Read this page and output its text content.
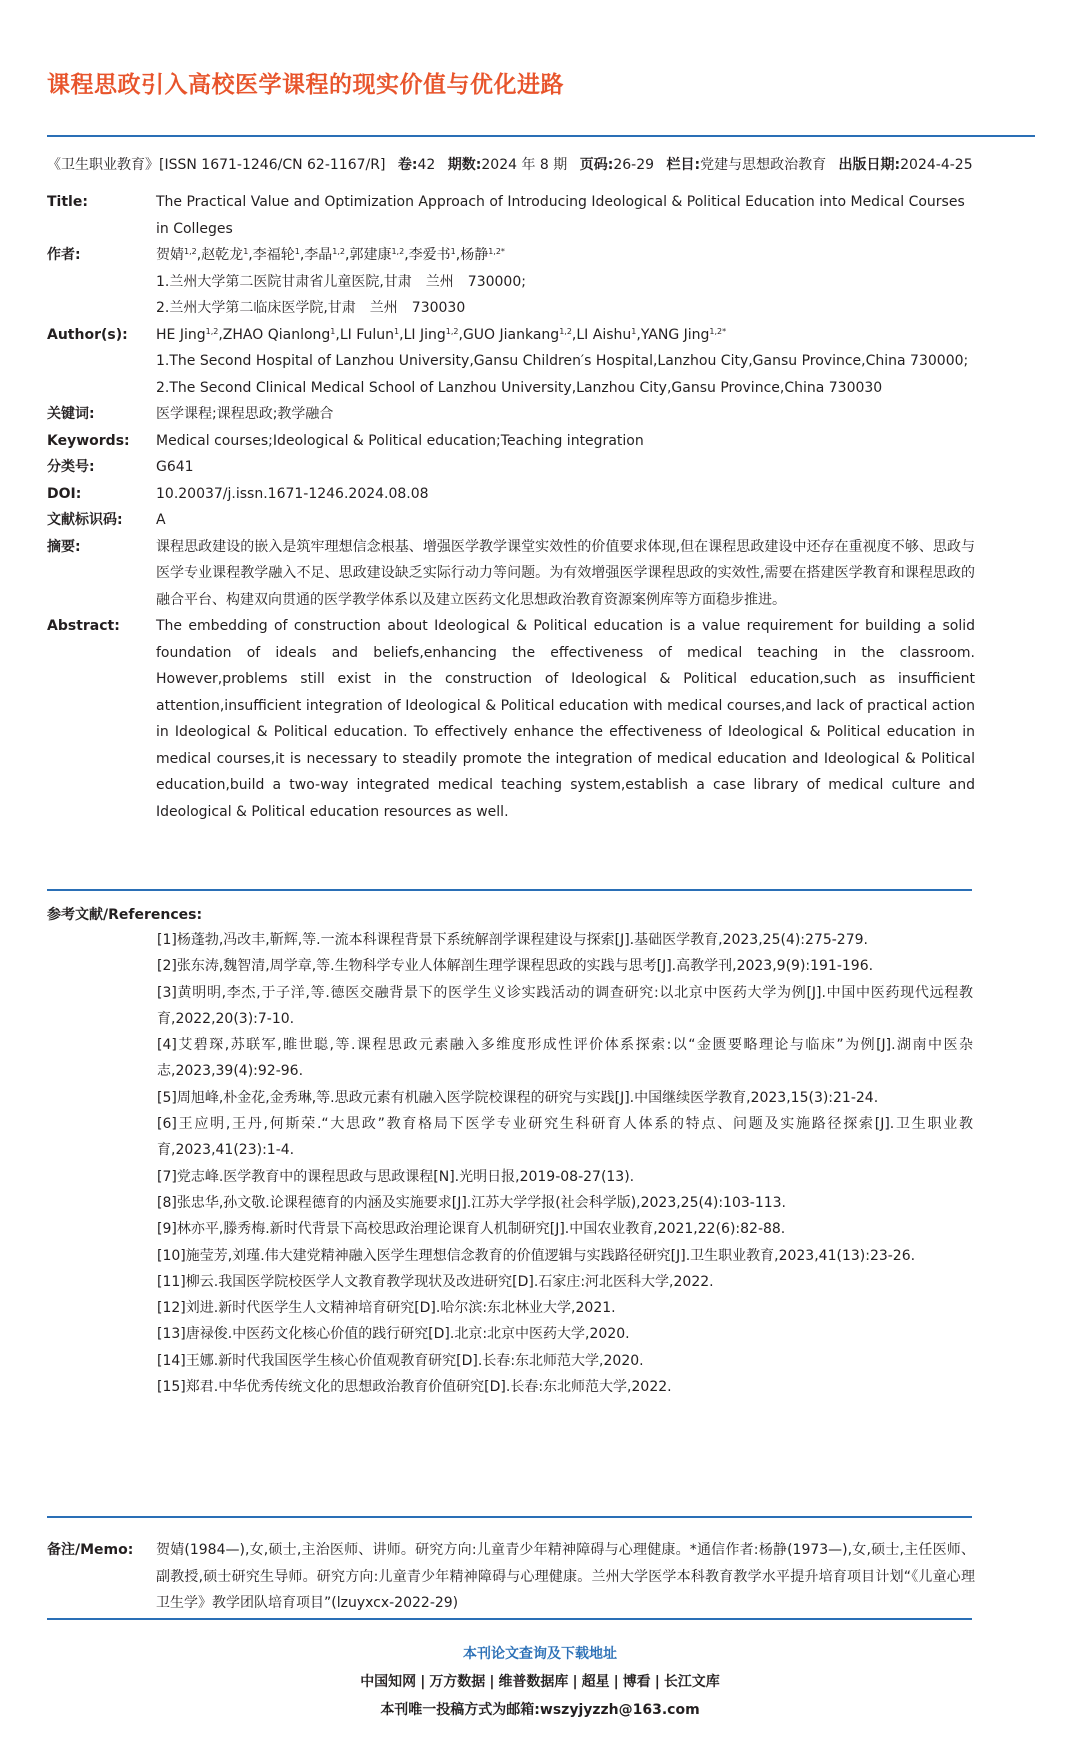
课程思政引入高校医学课程的现实价值与优化进路
《卫生职业教育》[ISSN 1671-1246/CN 62-1167/R] 卷:42 期数:2024 年 8 期 页码:26-29 栏目:党建与思想政治教育 出版日期:2024-4-25
Title:	The Practical Value and Optimization Approach of Introducing Ideological & Political Education into Medical Courses in Colleges
作者:	贺婧$^{1,2}$,赵乾龙$^1$,李福轮$^1$,李晶$^{1,2}$,郭建康$^{1,2}$,李爱书$^1$,杨静$^{1,2*}$

1.兰州大学第二医院甘肃省儿童医院,甘肃　兰州　730000;

2.兰州大学第二临床医学院,甘肃　兰州　730030

Author(s):	HE Jing$^{1,2}$,ZHAO Qianlong$^1$,LI Fulun$^1$,LI Jing$^{1,2}$,GUO Jiankang$^{1,2}$,LI Aishu$^1$,YANG Jing$^{1,2*}$

1.The Second Hospital of Lanzhou University,Gansu Children′s Hospital,Lanzhou City,Gansu Province,China 730000;

2.The Second Clinical Medical School of Lanzhou University,Lanzhou City,Gansu Province,China 730030

关键词:	医学课程;课程思政;教学融合
Keywords:	Medical courses;Ideological & Political education;Teaching integration
分类号:	G641
DOI:	10.20037/j.issn.1671-1246.2024.08.08
文献标识码:	A
摘要:	课程思政建设的嵌入是筑牢理想信念根基、增强医学教学课堂实效性的价值要求体现,但在课程思政建设中还存在重视度不够、思政与医学专业课程教学融入不足、思政建设缺乏实际行动力等问题。为有效增强医学课程思政的实效性,需要在搭建医学教育和课程思政的融合平台、构建双向贯通的医学教学体系以及建立医药文化思想政治教育资源案例库等方面稳步推进。
Abstract:	The embedding of construction about Ideological & Political education is a value requirement for building a solid foundation of ideals and beliefs,enhancing the effectiveness of medical teaching in the classroom. However,problems still exist in the construction of Ideological & Political education,such as insufficient attention,insufficient integration of Ideological & Political education with medical courses,and lack of practical action in Ideological & Political education. To effectively enhance the effectiveness of Ideological & Political education in medical courses,it is necessary to steadily promote the integration of medical education and Ideological & Political education,build a two-way integrated medical teaching system,establish a case library of medical culture and Ideological & Political education resources as well.
参考文献/References:
[1]杨蓬勃,冯改丰,靳辉,等.一流本科课程背景下系统解剖学课程建设与探索[J].基础医学教育,2023,25(4):275-279.
[2]张东涛,魏智清,周学章,等.生物科学专业人体解剖生理学课程思政的实践与思考[J].高教学刊,2023,9(9):191-196.
[3]黄明明,李杰,于子洋,等.德医交融背景下的医学生义诊实践活动的调查研究:以北京中医药大学为例[J].中国中医药现代远程教育,2022,20(3):7-10.
[4]艾碧琛,苏联军,睢世聪,等.课程思政元素融入多维度形成性评价体系探索:以“金匮要略理论与临床”为例[J].湖南中医杂志,2023,39(4):92-96.
[5]周旭峰,朴金花,金秀琳,等.思政元素有机融入医学院校课程的研究与实践[J].中国继续医学教育,2023,15(3):21-24.
[6]王应明,王丹,何斯荣.“大思政”教育格局下医学专业研究生科研育人体系的特点、问题及实施路径探索[J].卫生职业教育,2023,41(23):1-4.
[7]党志峰.医学教育中的课程思政与思政课程[N].光明日报,2019-08-27(13).
[8]张忠华,孙文敬.论课程德育的内涵及实施要求[J].江苏大学学报(社会科学版),2023,25(4):103-113.
[9]林亦平,滕秀梅.新时代背景下高校思政治理论课育人机制研究[J].中国农业教育,2021,22(6):82-88.
[10]施莹芳,刘瑾.伟大建党精神融入医学生理想信念教育的价值逻辑与实践路径研究[J].卫生职业教育,2023,41(13):23-26.
[11]柳云.我国医学院校医学人文教育教学现状及改进研究[D].石家庄:河北医科大学,2022.
[12]刘进.新时代医学生人文精神培育研究[D].哈尔滨:东北林业大学,2021.
[13]唐禄俊.中医药文化核心价值的践行研究[D].北京:北京中医药大学,2020.
[14]王娜.新时代我国医学生核心价值观教育研究[D].长春:东北师范大学,2020.
[15]郑君.中华优秀传统文化的思想政治教育价值研究[D].长春:东北师范大学,2022.
备注/Memo:	贺婧(1984—),女,硕士,主治医师、讲师。研究方向:儿童青少年精神障碍与心理健康。*通信作者:杨静(1973—),女,硕士,主任医师、副教授,硕士研究生导师。研究方向:儿童青少年精神障碍与心理健康。兰州大学医学本科教育教学水平提升培育项目计划“《儿童心理卫生学》教学团队培育项目”(lzuyxcx-2022-29)
本刊论文查询及下载地址
中国知网 | 万方数据 | 维普数据库 | 超星 | 博看 | 长江文库
本刊唯一投稿方式为邮箱:wszyjyzzh@163.com
